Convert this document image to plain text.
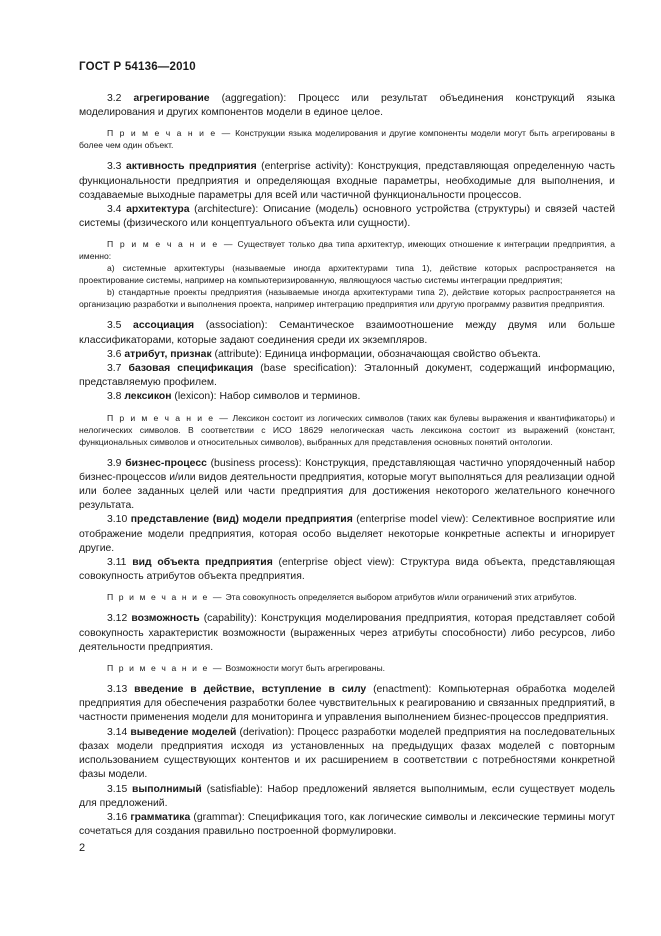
ГОСТ Р 54136—2010

3.2 агрегирование (aggregation): Процесс или результат объединения конструкций языка моделирования и других компонентов модели в единое целое.

П р и м е ч а н и е — Конструкции языка моделирования и другие компоненты модели могут быть агрегированы в более чем один объект.

3.3 активность предприятия (enterprise activity): Конструкция, представляющая определенную часть функциональности предприятия и определяющая входные параметры, необходимые для выполнения, и создаваемые выходные параметры для всей или частичной функциональности процессов.

3.4 архитектура (architecture): Описание (модель) основного устройства (структуры) и связей частей системы (физического или концептуального объекта или сущности).

П р и м е ч а н и е — Существует только два типа архитектур, имеющих отношение к интеграции предприятия, а именно:

a) системные архитектуры (называемые иногда архитектурами типа 1), действие которых распространяется на проектирование системы, например на компьютеризированную, являющуюся частью системы интеграции предприятия;

b) стандартные проекты предприятия (называемые иногда архитектурами типа 2), действие которых распространяется на организацию разработки и выполнения проекта, например интеграцию предприятия или другую программу развития предприятия.

3.5 ассоциация (association): Семантическое взаимоотношение между двумя или больше классификаторами, которые задают соединения среди их экземпляров.

3.6 атрибут, признак (attribute): Единица информации, обозначающая свойство объекта.

3.7 базовая спецификация (base specification): Эталонный документ, содержащий информацию, представляемую профилем.

3.8 лексикон (lexicon): Набор символов и терминов.

П р и м е ч а н и е — Лексикон состоит из логических символов (таких как булевы выражения и квантификаторы) и нелогических символов. В соответствии с ИСО 18629 нелогическая часть лексикона состоит из выражений (констант, функциональных символов и относительных символов), выбранных для представления основных понятий онтологии.

3.9 бизнес-процесс (business process): Конструкция, представляющая частично упорядоченный набор бизнес-процессов и/или видов деятельности предприятия, которые могут выполняться для реализации одной или более заданных целей или части предприятия для достижения некоторого желательного конечного результата.

3.10 представление (вид) модели предприятия (enterprise model view): Селективное восприятие или отображение модели предприятия, которая особо выделяет некоторые конкретные аспекты и игнорирует другие.

3.11 вид объекта предприятия (enterprise object view): Структура вида объекта, представляющая совокупность атрибутов объекта предприятия.

П р и м е ч а н и е — Эта совокупность определяется выбором атрибутов и/или ограничений этих атрибутов.

3.12 возможность (capability): Конструкция моделирования предприятия, которая представляет собой совокупность характеристик возможности (выраженных через атрибуты способности) либо ресурсов, либо деятельности предприятия.

П р и м е ч а н и е — Возможности могут быть агрегированы.

3.13 введение в действие, вступление в силу (enactment): Компьютерная обработка моделей предприятия для обеспечения разработки более чувствительных к реагированию и связанных предприятий, в частности применения модели для мониторинга и управления выполнением бизнес-процессов предприятия.

3.14 выведение моделей (derivation): Процесс разработки моделей предприятия на последовательных фазах модели предприятия исходя из установленных на предыдущих фазах моделей с повторным использованием существующих контентов и их расширением в соответствии с потребностями конкретной фазы модели.

3.15 выполнимый (satisfiable): Набор предложений является выполнимым, если существует модель для предложений.

3.16 грамматика (grammar): Спецификация того, как логические символы и лексические термины могут сочетаться для создания правильно построенной формулировки.

2
